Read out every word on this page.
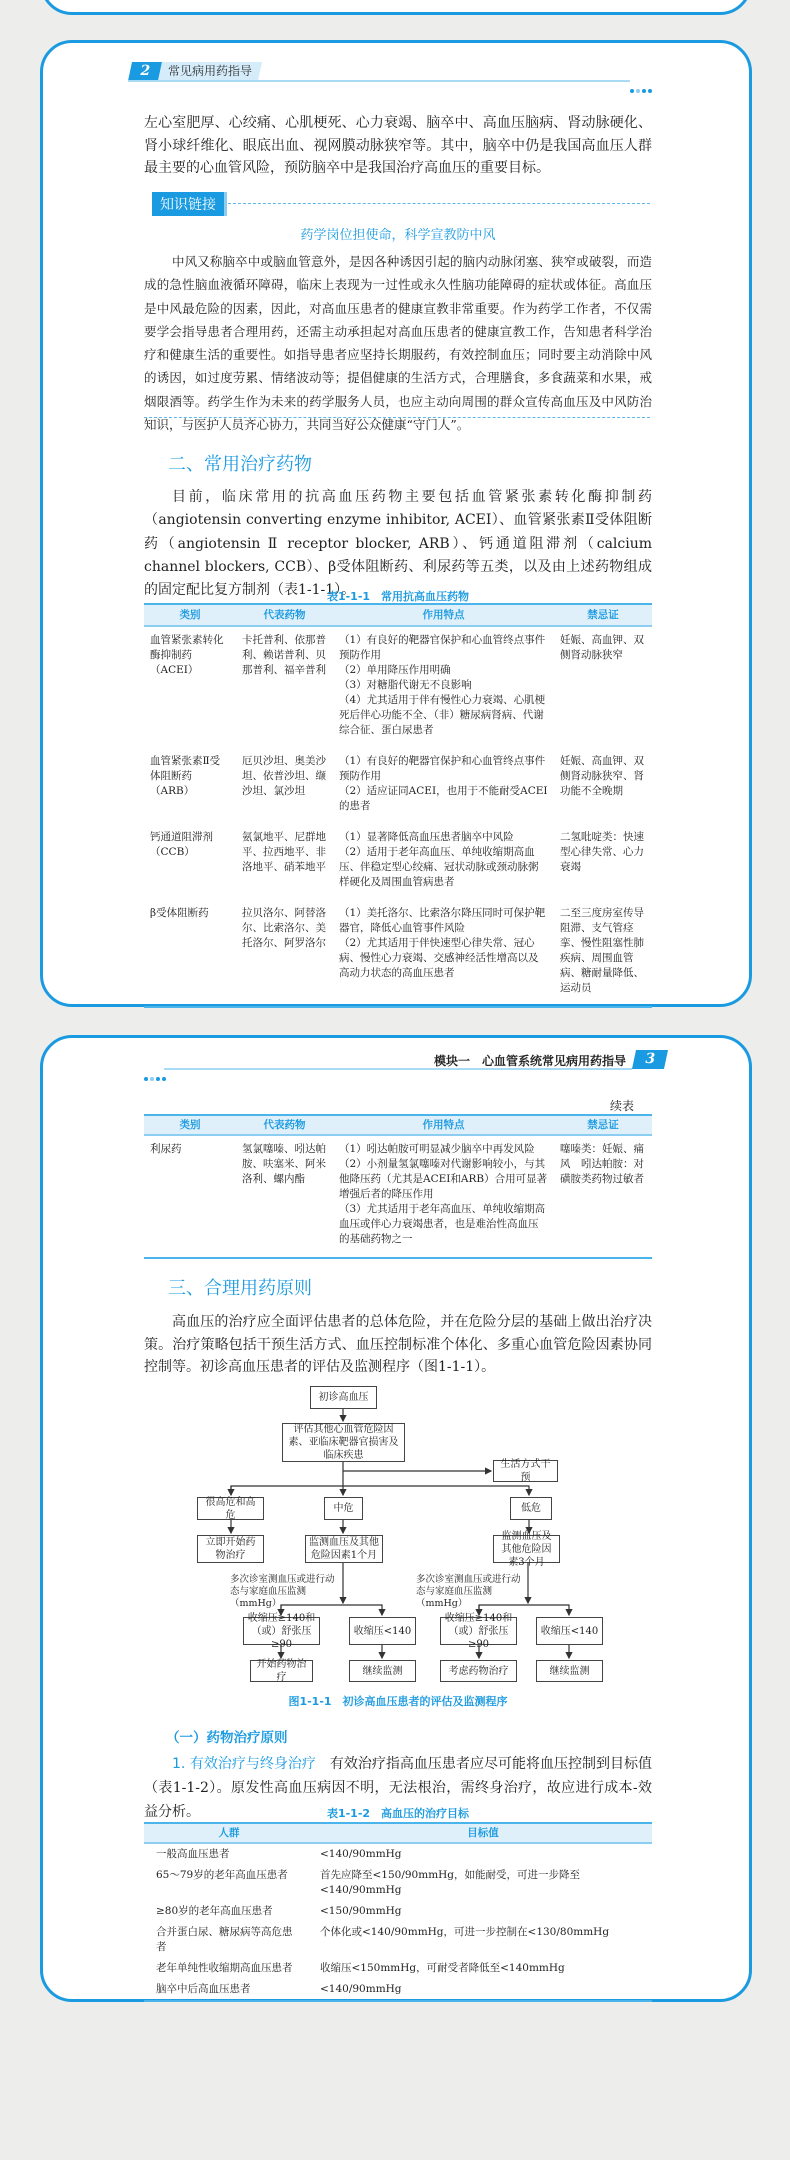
2	常见病用药指导
左心室肥厚、心绞痛、心肌梗死、心力衰竭、脑卒中、高血压脑病、肾动脉硬化、肾小球纤维化、眼底出血、视网膜动脉狭窄等。其中，脑卒中仍是我国高血压人群最主要的心血管风险，预防脑卒中是我国治疗高血压的重要目标。
知识链接
药学岗位担使命，科学宣教防中风
中风又称脑卒中或脑血管意外，是因各种诱因引起的脑内动脉闭塞、狭窄或破裂，而造成的急性脑血液循环障碍，临床上表现为一过性或永久性脑功能障碍的症状或体征。高血压是中风最危险的因素，因此，对高血压患者的健康宣教非常重要。作为药学工作者，不仅需要学会指导患者合理用药，还需主动承担起对高血压患者的健康宣教工作，告知患者科学治疗和健康生活的重要性。如指导患者应坚持长期服药，有效控制血压；同时要主动消除中风的诱因，如过度劳累、情绪波动等；提倡健康的生活方式，合理膳食，多食蔬菜和水果，戒烟限酒等。药学生作为未来的药学服务人员，也应主动向周围的群众宣传高血压及中风防治知识，与医护人员齐心协力，共同当好公众健康“守门人”。
二、常用治疗药物
目前，临床常用的抗高血压药物主要包括血管紧张素转化酶抑制药（angiotensin converting enzyme inhibitor, ACEI）、血管紧张素Ⅱ受体阻断药（angiotensin Ⅱ receptor blocker, ARB）、钙通道阻滞剂（calcium channel blockers, CCB）、β受体阻断药、利尿药等五类，以及由上述药物组成的固定配比复方制剂（表1-1-1）。
表1-1-1　常用抗高血压药物
类别	代表药物	作用特点	禁忌证
血管紧张素转化酶抑制药（ACEI）	卡托普利、依那普利、赖诺普利、贝那普利、福辛普利	（1）有良好的靶器官保护和心血管终点事件预防作用
（2）单用降压作用明确
（3）对糖脂代谢无不良影响
（4）尤其适用于伴有慢性心力衰竭、心肌梗死后伴心功能不全、（非）糖尿病肾病、代谢综合征、蛋白尿患者	妊娠、高血钾、双侧肾动脉狭窄
血管紧张素Ⅱ受体阻断药（ARB）	厄贝沙坦、奥美沙坦、依普沙坦、缬沙坦、氯沙坦	（1）有良好的靶器官保护和心血管终点事件预防作用
（2）适应证同ACEI，也用于不能耐受ACEI的患者	妊娠、高血钾、双侧肾动脉狭窄、肾功能不全晚期
钙通道阻滞剂（CCB）	氨氯地平、尼群地平、拉西地平、非洛地平、硝苯地平	（1）显著降低高血压患者脑卒中风险
（2）适用于老年高血压、单纯收缩期高血压、伴稳定型心绞痛、冠状动脉或颈动脉粥样硬化及周围血管病患者	二氢吡啶类：快速型心律失常、心力衰竭
β受体阻断药	拉贝洛尔、阿替洛尔、比索洛尔、美托洛尔、阿罗洛尔	（1）美托洛尔、比索洛尔降压同时可保护靶器官，降低心血管事件风险
（2）尤其适用于伴快速型心律失常、冠心病、慢性心力衰竭、交感神经活性增高以及高动力状态的高血压患者	二至三度房室传导阻滞、支气管痉挛、慢性阻塞性肺疾病、周围血管病、糖耐量降低、运动员
模块一　心血管系统常见病用药指导	3
续表
类别	代表药物	作用特点	禁忌证
利尿药	氢氯噻嗪、吲达帕胺、呋塞米、阿米洛利、螺内酯	（1）吲达帕胺可明显减少脑卒中再发风险
（2）小剂量氢氯噻嗪对代谢影响较小，与其他降压药（尤其是ACEI和ARB）合用可显著增强后者的降压作用
（3）尤其适用于老年高血压、单纯收缩期高血压或伴心力衰竭患者，也是难治性高血压的基础药物之一	噻嗪类：妊娠、痛风　吲达帕胺：对磺胺类药物过敏者
三、合理用药原则
高血压的治疗应全面评估患者的总体危险，并在危险分层的基础上做出治疗决策。治疗策略包括干预生活方式、血压控制标准个体化、多重心血管危险因素协同控制等。初诊高血压患者的评估及监测程序（图1-1-1）。
初诊高血压
评估其他心血管危险因素、亚临床靶器官损害及临床疾患
生活方式干预
很高危和高危
中危	低危
立即开始药物治疗
监测血压及其他危险因素1个月
监测血压及其他危险因素3个月
多次诊室测血压或进行动态与家庭血压监测（mmHg）
多次诊室测血压或进行动态与家庭血压监测（mmHg）
收缩压≥140和（或）舒张压≥90
收缩压<140
收缩压≥140和（或）舒张压≥90
收缩压<140
开始药物治疗
继续监测	考虑药物治疗	继续监测
图1-1-1　初诊高血压患者的评估及监测程序
（一）药物治疗原则
1. 有效治疗与终身治疗　 有效治疗指高血压患者应尽可能将血压控制到目标值（表1-1-2）。原发性高血压病因不明，无法根治，需终身治疗，故应进行成本-效益分析。	表1-1-2　高血压的治疗目标
人群	目标值
一般高血压患者	<140/90mmHg
65～79岁的老年高血压患者	首先应降至<150/90mmHg，如能耐受，可进一步降至<140/90mmHg
≥80岁的老年高血压患者	<150/90mmHg
合并蛋白尿、糖尿病等高危患者	个体化或<140/90mmHg，可进一步控制在<130/80mmHg
老年单纯性收缩期高血压患者	收缩压<150mmHg，可耐受者降低至<140mmHg
脑卒中后高血压患者	<140/90mmHg
